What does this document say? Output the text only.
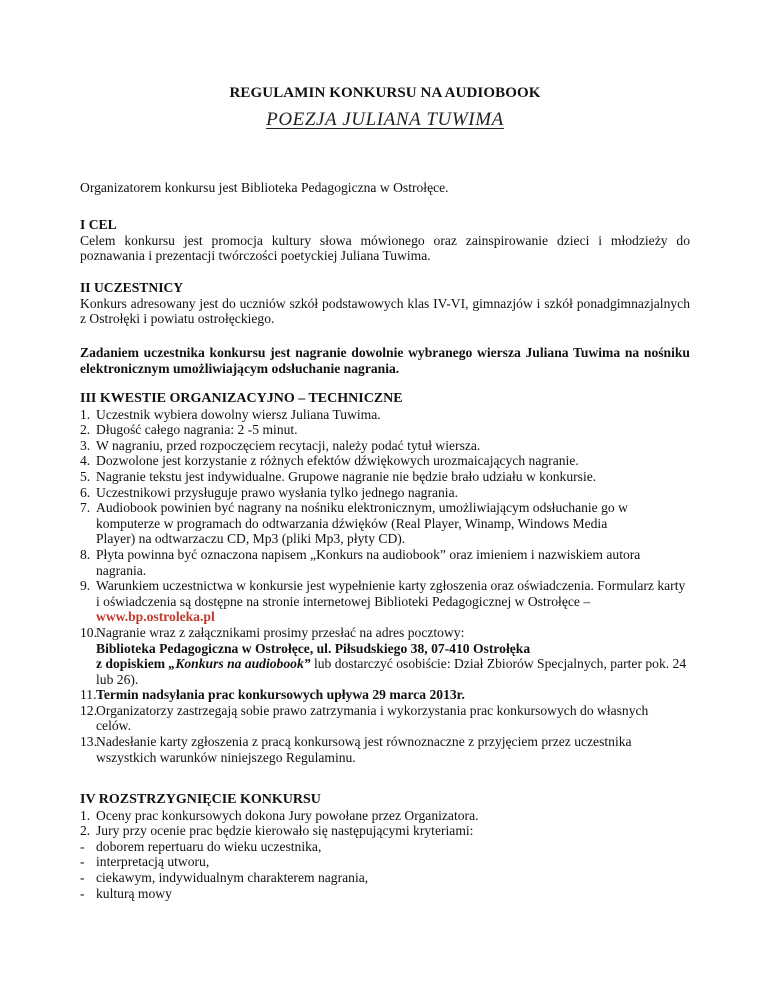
REGULAMIN KONKURSU NA AUDIOBOOK
POEZJA JULIANA TUWIMA

Organizatorem konkursu jest Biblioteka Pedagogiczna w Ostrołęce.

I CEL

Celem konkursu jest promocja kultury słowa mówionego oraz zainspirowanie dzieci i młodzieży do poznawania i prezentacji twórczości poetyckiej Juliana Tuwima.

II UCZESTNICY

Konkurs adresowany jest do uczniów szkół podstawowych klas IV-VI, gimnazjów i szkół ponadgimnazjalnych z Ostrołęki i powiatu ostrołęckiego.

Zadaniem uczestnika konkursu jest nagranie dowolnie wybranego wiersza Juliana Tuwima na nośniku elektronicznym umożliwiającym odsłuchanie nagrania.

III KWESTIE ORGANIZACYJNO – TECHNICZNE

1. Uczestnik wybiera dowolny wiersz Juliana Tuwima.
2. Długość całego nagrania: 2 -5 minut.
3. W nagraniu, przed rozpoczęciem recytacji, należy podać tytuł wiersza.
4. Dozwolone jest korzystanie z różnych efektów dźwiękowych urozmaicających nagranie.
5. Nagranie tekstu jest indywidualne. Grupowe nagranie nie będzie brało udziału w konkursie.
6. Uczestnikowi przysługuje prawo wysłania tylko jednego nagrania.
7. Audiobook powinien być nagrany na nośniku elektronicznym, umożliwiającym odsłuchanie go w komputerze w programach do odtwarzania dźwięków (Real Player, Winamp, Windows Media Player) na odtwarzaczu CD, Mp3 (pliki Mp3, płyty CD).
8. Płyta powinna być oznaczona napisem „Konkurs na audiobook” oraz imieniem i nazwiskiem autora nagrania.
9. Warunkiem uczestnictwa w konkursie jest wypełnienie karty zgłoszenia oraz oświadczenia. Formularz karty i oświadczenia są dostępne na stronie internetowej Biblioteki Pedagogicznej w Ostrołęce – www.bp.ostroleka.pl
10. Nagranie wraz z załącznikami prosimy przesłać na adres pocztowy:
Biblioteka Pedagogiczna w Ostrołęce, ul. Piłsudskiego 38, 07-410 Ostrołęka
z dopiskiem „Konkurs na audiobook” lub dostarczyć osobiście: Dział Zbiorów Specjalnych, parter pok. 24 lub 26).
11. Termin nadsyłania prac konkursowych upływa 29 marca 2013r.
12. Organizatorzy zastrzegają sobie prawo zatrzymania i wykorzystania prac konkursowych do własnych celów.
13. Nadesłanie karty zgłoszenia z pracą konkursową jest równoznaczne z przyjęciem przez uczestnika wszystkich warunków niniejszego Regulaminu.

IV ROZSTRZYGNIĘCIE KONKURSU

1. Oceny prac konkursowych dokona Jury powołane przez Organizatora.
2. Jury przy ocenie prac będzie kierowało się następującymi kryteriami:
- doborem repertuaru do wieku uczestnika,
- interpretacją utworu,
- ciekawym, indywidualnym charakterem nagrania,
- kulturą mowy
